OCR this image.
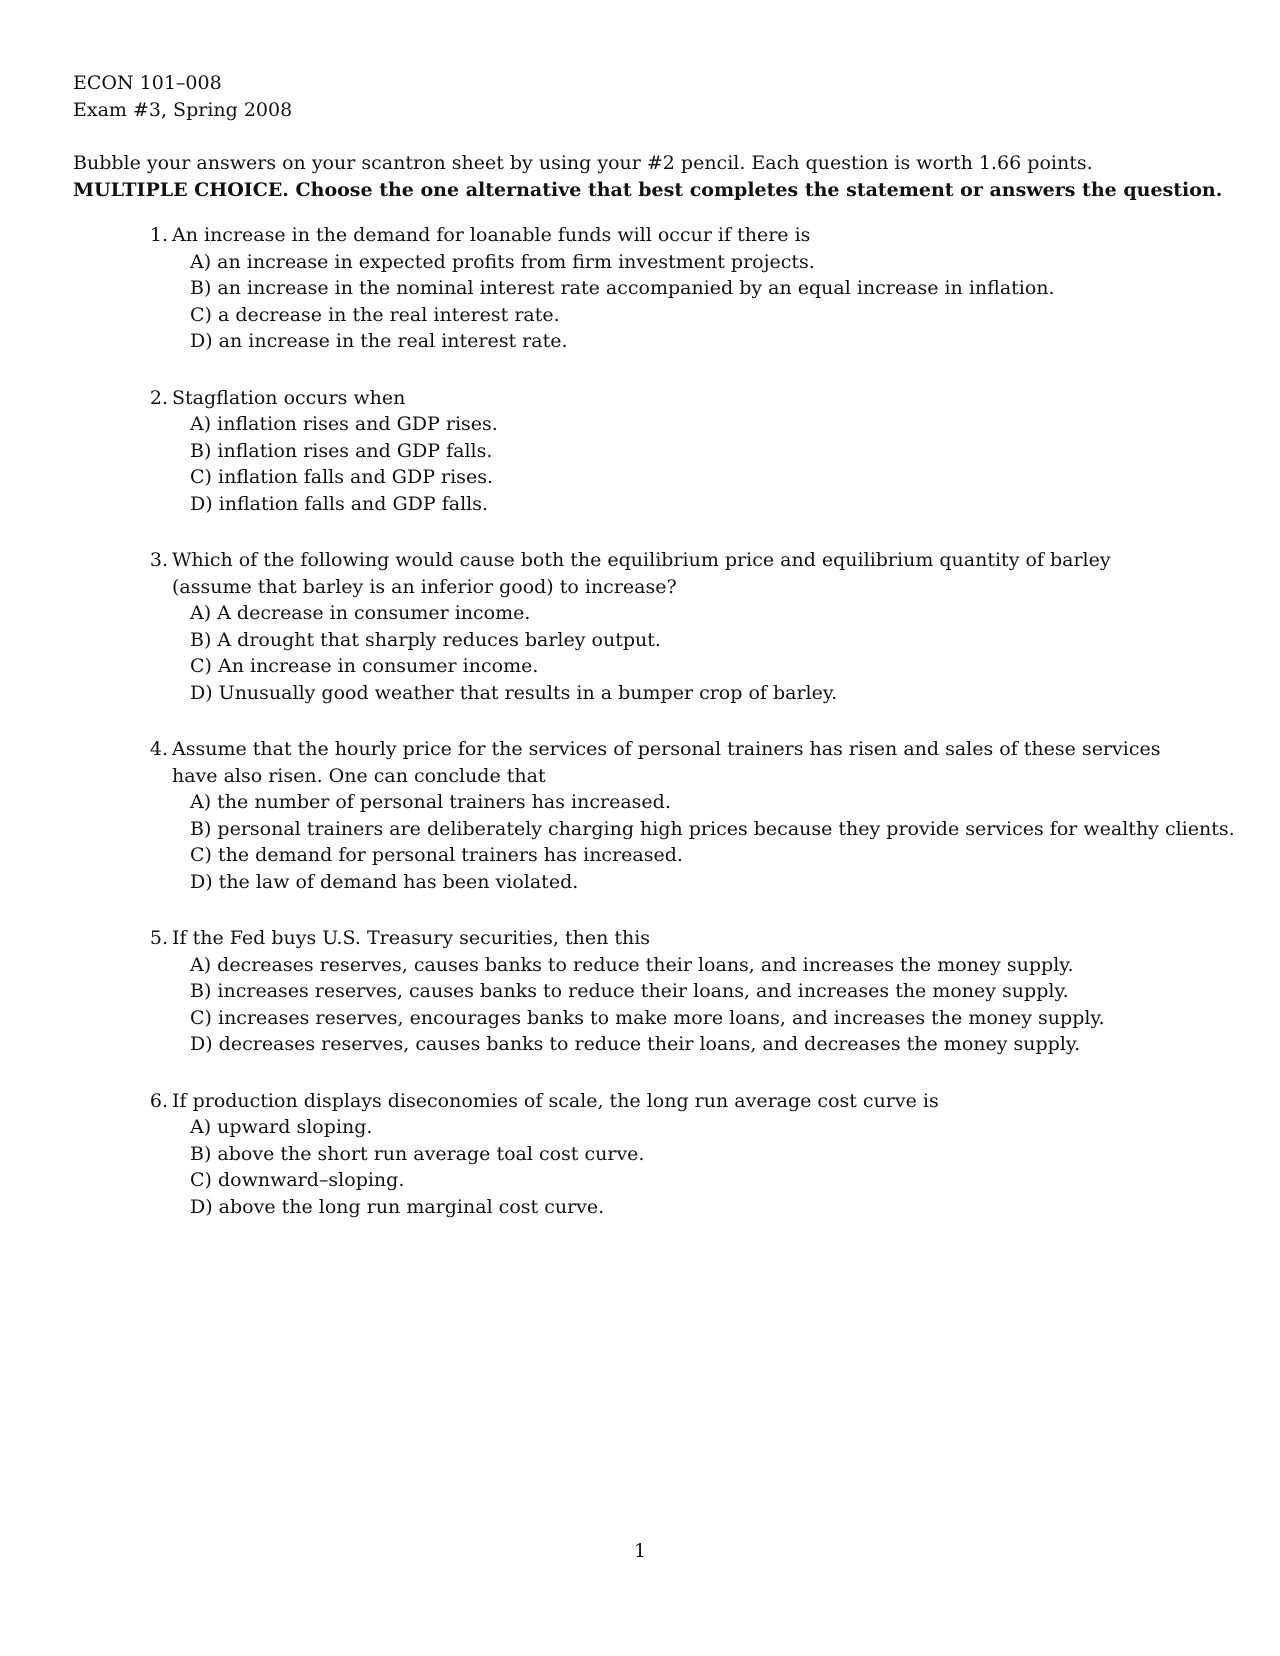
ECON 101–008
Exam #3, Spring 2008
Bubble your answers on your scantron sheet by using your #2 pencil. Each question is worth 1.66 points.
MULTIPLE CHOICE. Choose the one alternative that best completes the statement or answers the question.
1. An increase in the demand for loanable funds will occur if there is
A) an increase in expected profits from firm investment projects.
B) an increase in the nominal interest rate accompanied by an equal increase in inflation.
C) a decrease in the real interest rate.
D) an increase in the real interest rate.
2. Stagflation occurs when
A) inflation rises and GDP rises.
B) inflation rises and GDP falls.
C) inflation falls and GDP rises.
D) inflation falls and GDP falls.
3. Which of the following would cause both the equilibrium price and equilibrium quantity of barley (assume that barley is an inferior good) to increase?
A) A decrease in consumer income.
B) A drought that sharply reduces barley output.
C) An increase in consumer income.
D) Unusually good weather that results in a bumper crop of barley.
4. Assume that the hourly price for the services of personal trainers has risen and sales of these services have also risen. One can conclude that
A) the number of personal trainers has increased.
B) personal trainers are deliberately charging high prices because they provide services for wealthy clients.
C) the demand for personal trainers has increased.
D) the law of demand has been violated.
5. If the Fed buys U.S. Treasury securities, then this
A) decreases reserves, causes banks to reduce their loans, and increases the money supply.
B) increases reserves, causes banks to reduce their loans, and increases the money supply.
C) increases reserves, encourages banks to make more loans, and increases the money supply.
D) decreases reserves, causes banks to reduce their loans, and decreases the money supply.
6. If production displays diseconomies of scale, the long run average cost curve is
A) upward sloping.
B) above the short run average toal cost curve.
C) downward–sloping.
D) above the long run marginal cost curve.
1
